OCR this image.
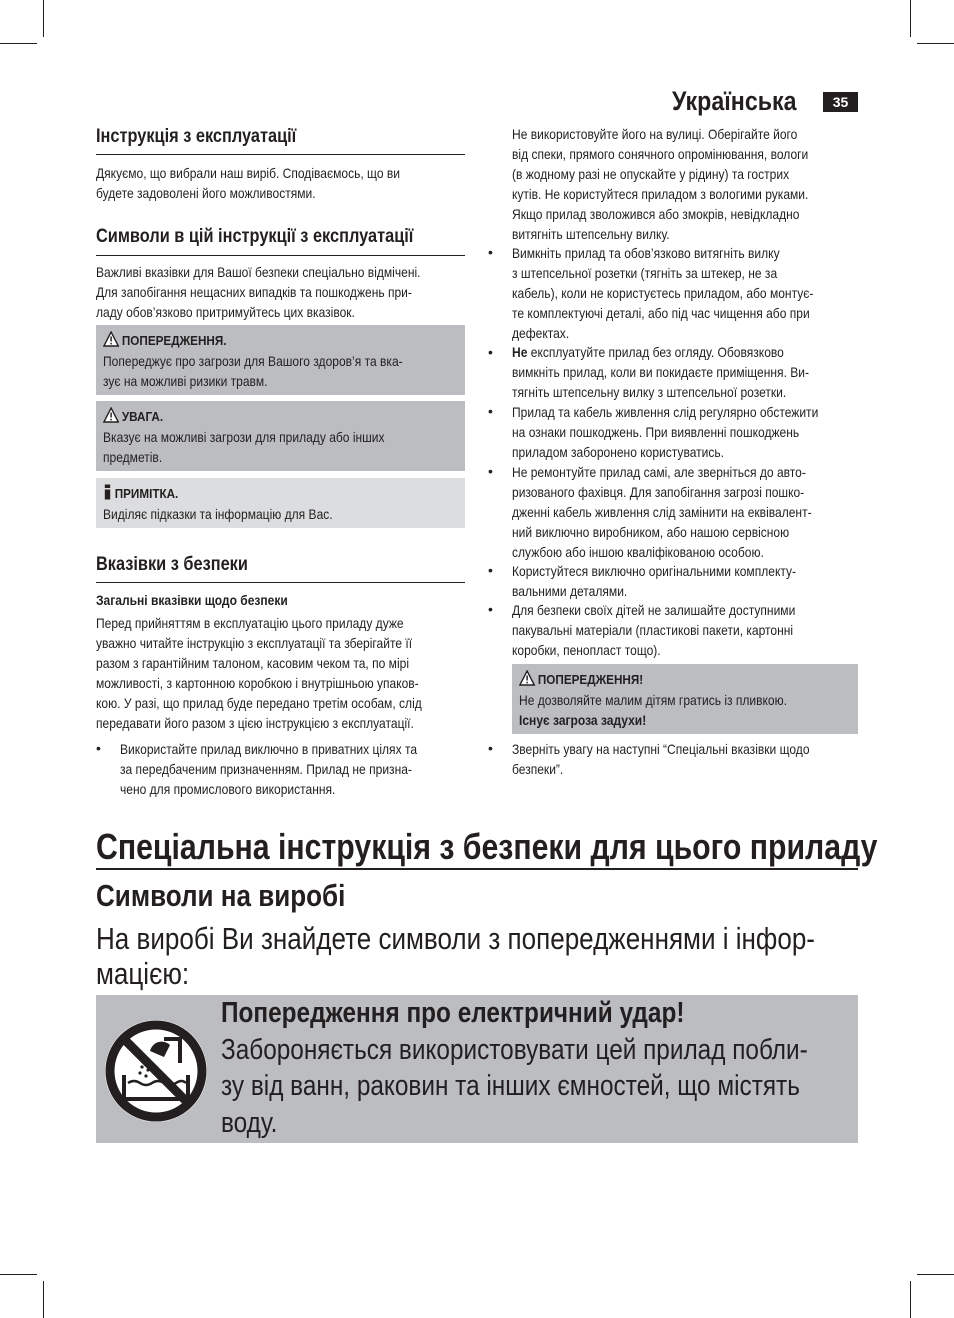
Українська	35
Інструкція з експлуатації
Дякуємо, що вибрали наш виріб. Сподіваємось, що ви
будете задоволені його можливостями.
Символи в цій інструкції з експлуатації
Важливі вказівки для Вашої безпеки спеціально відмічені.
Для запобігання нещасних випадків та пошкоджень при-
ладу обов’язково притримуйтесь цих вказівок.
ПОПЕРЕДЖЕННЯ.
Попереджує про загрози для Вашого здоров’я та вка-
зує на можливі ризики травм.
УВАГА.
Вказує на можливі загрози для приладу або інших
предметів.
ПРИМІТКА.
Виділяє підказки та інформацію для Вас.
Вказівки з безпеки
Загальні вказівки щодо безпеки
Перед прийняттям в експлуатацію цього приладу дуже
уважно читайте інструкцію з експлуатації та зберігайте її
разом з гарантійним талоном, касовим чеком та, по мірі
можливості, з картонною коробкою і внутрішньою упаков-
кою. У разі, що прилад буде передано третім особам, слід
передавати його разом з цією інструкцією з експлуатації.
• Використайте прилад виключно в приватних цілях та
за передбаченим призначенням. Прилад не призна-
чено для промислового використання.
Не використовуйте його на вулиці. Оберігайте його
від спеки, прямого сонячного опромінювання, вологи
(в жодному разі не опускайте у рідину) та гострих
кутів. Не користуйтеся приладом з вологими руками.
Якщо прилад зволожився або змокрів, невідкладно
витягніть штепсельну вилку.
• Вимкніть прилад та обов’язково витягніть вилку
з штепсельної розетки (тягніть за штекер, не за
кабель), коли не користуєтесь приладом, або монтує-
те комплектуючі деталі, або під час чищення або при
дефектах.
• Не експлуатуйте прилад без огляду. Обовязково
вимкніть прилад, коли ви покидаєте приміщення. Ви-
тягніть штепсельну вилку з штепсельної розетки.
• Прилад та кабель живлення слід регулярно обстежити
на ознаки пошкоджень. При виявленні пошкоджень
приладом заборонено користуватись.
• Не ремонтуйте прилад самі, але зверніться до авто-
ризованого фахівця. Для запобігання загрозі пошко-
дженні кабель живлення слід замінити на еквівалент-
ний виключно виробником, або нашою сервісною
службою або іншою кваліфікованою особою.
• Користуйтеся виключно оригінальними комплекту-
вальними деталями.
• Для безпеки своїх дітей не залишайте доступними
пакувальні матеріали (пластикові пакети, картонні
коробки, пенопласт тощо).
ПОПЕРЕДЖЕННЯ!
Не дозволяйте малим дітям гратись із пливкою.
Існує загроза задухи!
• Зверніть увагу на наступні “Спеціальні вказівки щодо
безпеки”.
Спеціальна інструкція з безпеки для цього приладу
Символи на виробі
На виробі Ви знайдете символи з попередженнями і інфор-
мацією:
Попередження про електричний удар!
Забороняється використовувати цей прилад побли-
зу від ванн, раковин та інших ємностей, що містять
воду.
